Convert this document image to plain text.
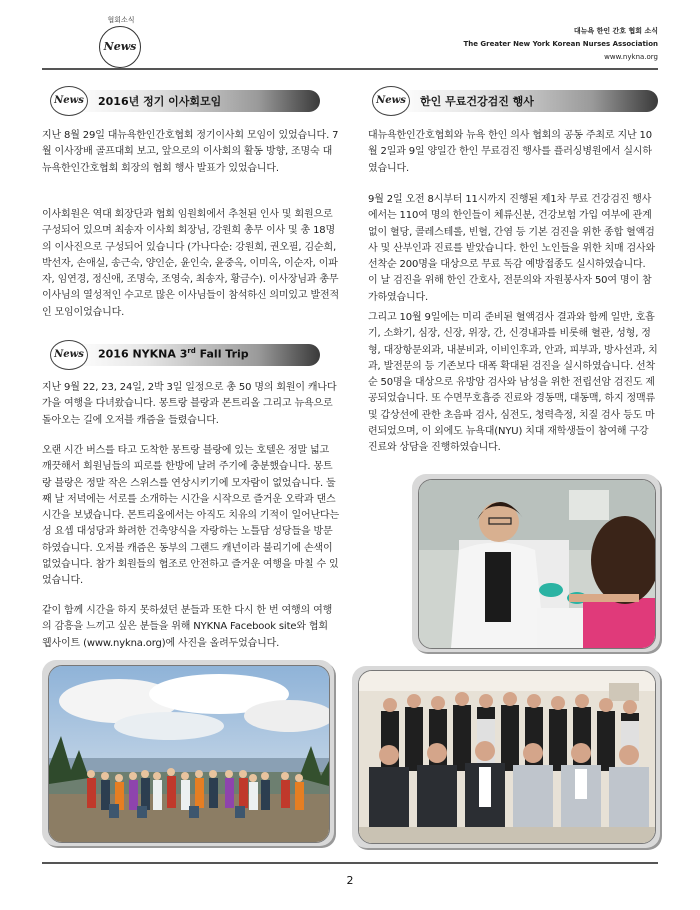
협회소식
News
대뉴욕 한인 간호 협회 소식
The Greater New York Korean Nurses Association
www.nykna.org
News	2016년 정기 이사회모임
지난 8월 29일 대뉴욕한인간호협회 정기이사회 모임이 있었습니다. 7월 이사장배 골프대회 보고, 앞으로의 이사회의 활동 방향, 조명숙 대뉴욕한인간호협회 회장의 협회 행사 발표가 있었습니다.
이사회원은 역대 회장단과 협회 임원회에서 추천된 인사 및 회원으로 구성되어 있으며 최송자 이사회 회장님, 강원희 총무 이사 및 총 18명의 이사진으로 구성되어 있습니다 (가나다순: 강원희, 권오필, 김순희, 박선자, 손애실, 송근숙, 양인순, 윤인숙, 윤중옥, 이미옥, 이순자, 이파자, 임연경, 정신애, 조명숙, 조영숙, 최송자, 황금수). 이사장님과 총무 이사님의 열성적인 수고로 많은 이사님들이 참석하신 의미있고 발전적인 모임이었습니다.
News	2016 NYKNA 3rd Fall Trip
지난 9월 22, 23, 24일, 2박 3일 일정으로 총 50 명의 회원이 캐나다 가을 여행을 다녀왔습니다. 몽트랑 블랑과 몬트리올 그리고 뉴욕으로 돌아오는 길에 오저블 캐즘을 들렸습니다.
오랜 시간 버스를 타고 도착한 몽트랑 블랑에 있는 호텔은 정말 넓고 깨끗해서 회원님들의 피로를 한방에 날려 주기에 충분했습니다. 몽트랑 블랑은 정말 작은 스위스를 연상시키기에 모자람이 없었습니다. 둘째 날 저녁에는 서로를 소개하는 시간을 시작으로 즐거운 오락과 댄스시간을 보냈습니다. 몬트리올에서는 아직도 치유의 기적이 일어난다는 성 요셉 대성당과 화려한 건축양식을 자랑하는 노틀담 성당들을 방문하였습니다. 오저블 캐즘은 동부의 그랜드 캐년이라 불리기에 손색이 없었습니다. 참가 회원들의 협조로 안전하고 즐거운 여행을 마칠 수 있었습니다.
같이 함께 시간을 하지 못하셨던 분들과 또한 다시 한 번 여행의 여행의 감흥을 느끼고 싶은 분들을 위해 NYKNA Facebook site와 협회 웹사이트 (www.nykna.org)에 사진을 올려두었습니다.
News	한인 무료건강검진 행사
대뉴욕한인간호협회와 뉴욕 한인 의사 협회의 공동 주최로 지난 10월 2일과 9일 양일간 한인 무료검진 행사를 플러싱병원에서 실시하였습니다.
9월 2일 오전 8시부터 11시까지 진행된 제1차 무료 건강검진 행사에서는 110여 명의 한인들이 체류신분, 건강보험 가입 여부에 관계없이 혈당, 콜레스테롤, 빈혈, 간염 등 기본 검진을 위한 종합 혈액검사 및 산부인과 진료를 받았습니다. 한인 노인들을 위한 치매 검사와 선착순 200명을 대상으로 무료 독감 예방접종도 실시하였습니다. 이 날 검진을 위해 한인 간호사, 전문의와 자원봉사자 50여 명이 참가하였습니다.
그리고 10월 9일에는 미리 준비된 혈액검사 결과와 함께 일반, 호흡기, 소화기, 심장, 신장, 위장, 간, 신경내과를 비롯해 혈관, 성형, 정형, 대장항문외과, 내분비과, 이비인후과, 안과, 피부과, 방사선과, 치과, 발전문의 등 기존보다 대폭 확대된 검진을 실시하였습니다. 선착순 50명을 대상으로 유방암 검사와 남성을 위한 전립선암 검진도 제공되었습니다. 또 수면무호흡증 진료와 경동맥, 대동맥, 하지 정맥류 및 갑상선에 관한 초음파 검사, 심전도, 청력측정, 치질 검사 등도 마련되었으며, 이 외에도 뉴욕대(NYU) 치대 재학생들이 참여해 구강 진료와 상담을 진행하였습니다.
2
